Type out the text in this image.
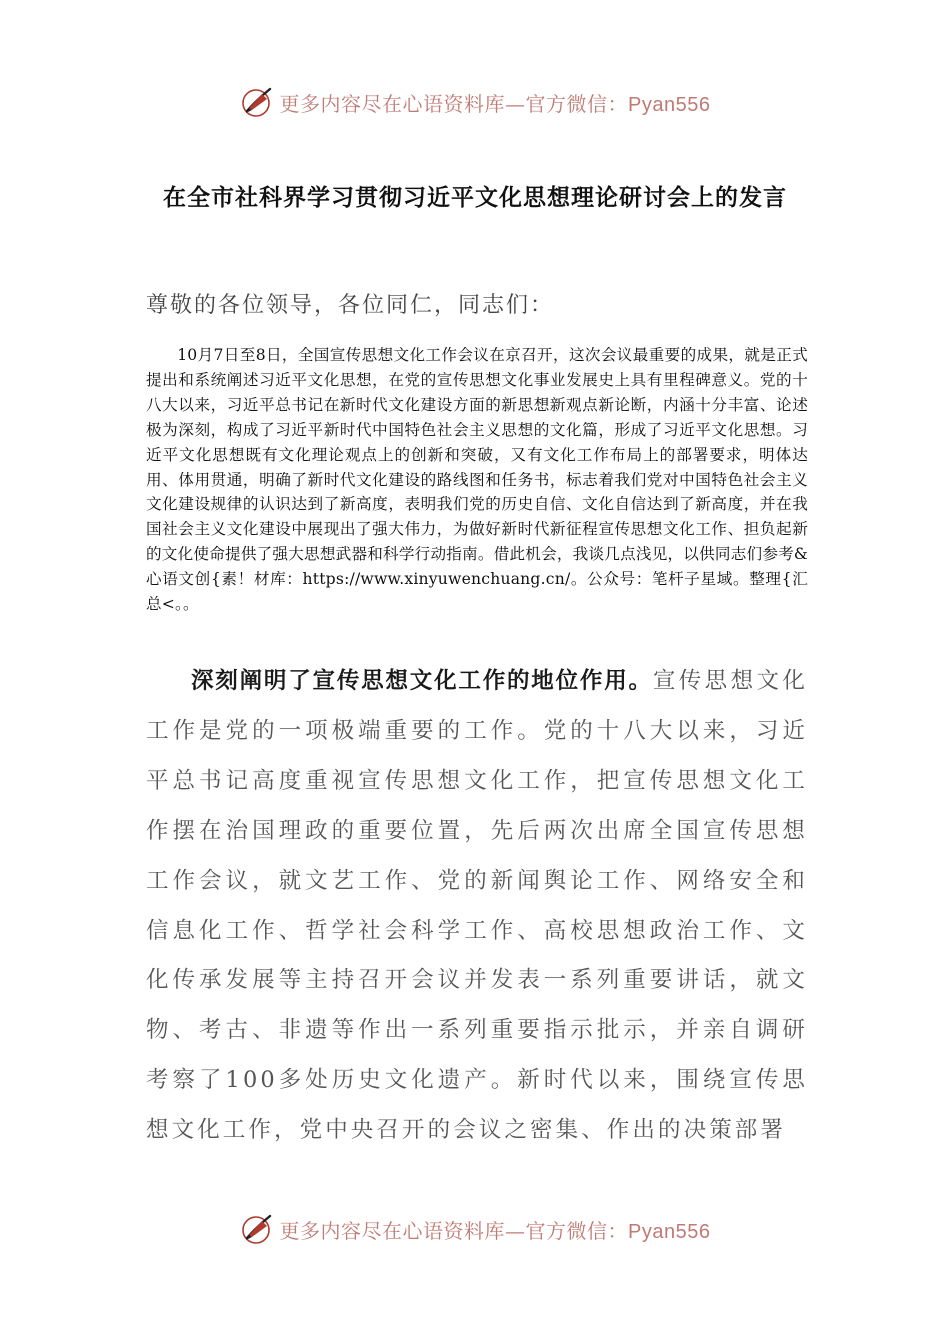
更多内容尽在心语资料库—官方微信：Pyan556
在全市社科界学习贯彻习近平文化思想理论研讨会上的发言

尊敬的各位领导，各位同仁，同志们：

10月7日至8日，全国宣传思想文化工作会议在京召开，这次会议最重要的成果，就是正式提出和系统阐述习近平文化思想，在党的宣传思想文化事业发展史上具有里程碑意义。党的十八大以来，习近平总书记在新时代文化建设方面的新思想新观点新论断，内涵十分丰富、论述极为深刻，构成了习近平新时代中国特色社会主义思想的文化篇，形成了习近平文化思想。习近平文化思想既有文化理论观点上的创新和突破，又有文化工作布局上的部署要求，明体达用、体用贯通，明确了新时代文化建设的路线图和任务书，标志着我们党对中国特色社会主义文化建设规律的认识达到了新高度，表明我们党的历史自信、文化自信达到了新高度，并在我国社会主义文化建设中展现出了强大伟力，为做好新时代新征程宣传思想文化工作、担负起新的文化使命提供了强大思想武器和科学行动指南。借此机会，我谈几点浅见，以供同志们参考&心语文创{素！材库：https://www.xinyuwenchuang.cn/。公众号：笔杆子星域。整理{汇总<。。

深刻阐明了宣传思想文化工作的地位作用。宣传思想文化工作是党的一项极端重要的工作。党的十八大以来，习近平总书记高度重视宣传思想文化工作，把宣传思想文化工作摆在治国理政的重要位置，先后两次出席全国宣传思想工作会议，就文艺工作、党的新闻舆论工作、网络安全和信息化工作、哲学社会科学工作、高校思想政治工作、文化传承发展等主持召开会议并发表一系列重要讲话，就文物、考古、非遗等作出一系列重要指示批示，并亲自调研考察了100多处历史文化遗产。新时代以来，围绕宣传思想文化工作，党中央召开的会议之密集、作出的决策部署

更多内容尽在心语资料库—官方微信：Pyan556
